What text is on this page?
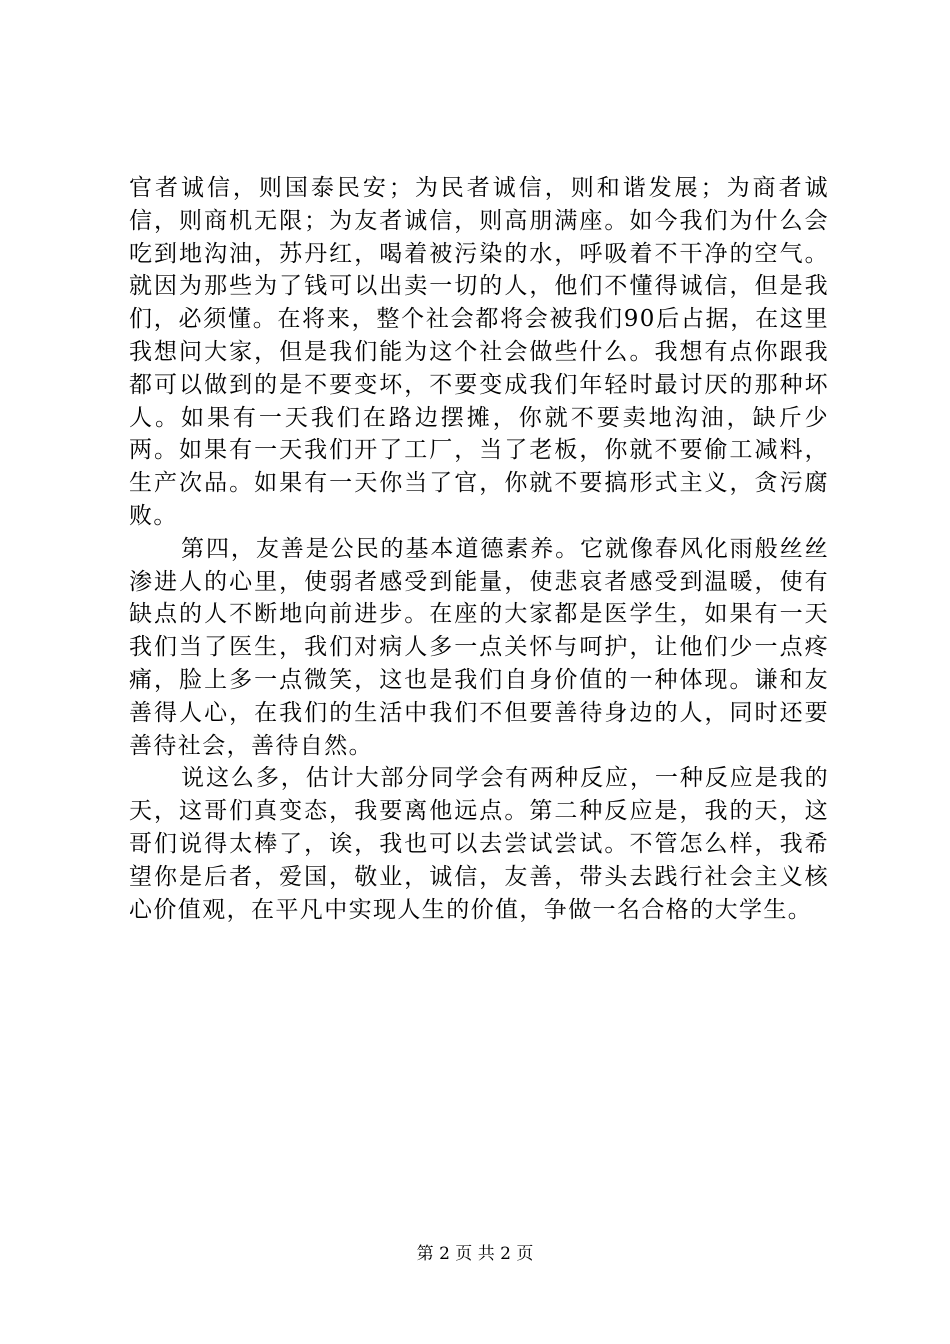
官者诚信，则国泰民安；为民者诚信，则和谐发展；为商者诚信，则商机无限；为友者诚信，则高朋满座。如今我们为什么会吃到地沟油，苏丹红，喝着被污染的水，呼吸着不干净的空气。就因为那些为了钱可以出卖一切的人，他们不懂得诚信，但是我们，必须懂。在将来，整个社会都将会被我们90后占据，在这里我想问大家，但是我们能为这个社会做些什么。我想有点你跟我都可以做到的是不要变坏，不要变成我们年轻时最讨厌的那种坏人。如果有一天我们在路边摆摊，你就不要卖地沟油，缺斤少两。如果有一天我们开了工厂，当了老板，你就不要偷工减料，生产次品。如果有一天你当了官，你就不要搞形式主义，贪污腐败。

第四，友善是公民的基本道德素养。它就像春风化雨般丝丝渗进人的心里，使弱者感受到能量，使悲哀者感受到温暖，使有缺点的人不断地向前进步。在座的大家都是医学生，如果有一天我们当了医生，我们对病人多一点关怀与呵护，让他们少一点疼痛，脸上多一点微笑，这也是我们自身价值的一种体现。谦和友善得人心，在我们的生活中我们不但要善待身边的人，同时还要善待社会，善待自然。

说这么多，估计大部分同学会有两种反应，一种反应是我的天，这哥们真变态，我要离他远点。第二种反应是，我的天，这哥们说得太棒了，诶，我也可以去尝试尝试。不管怎么样，我希望你是后者，爱国，敬业，诚信，友善，带头去践行社会主义核心价值观，在平凡中实现人生的价值，争做一名合格的大学生。

第 2 页 共 2 页
